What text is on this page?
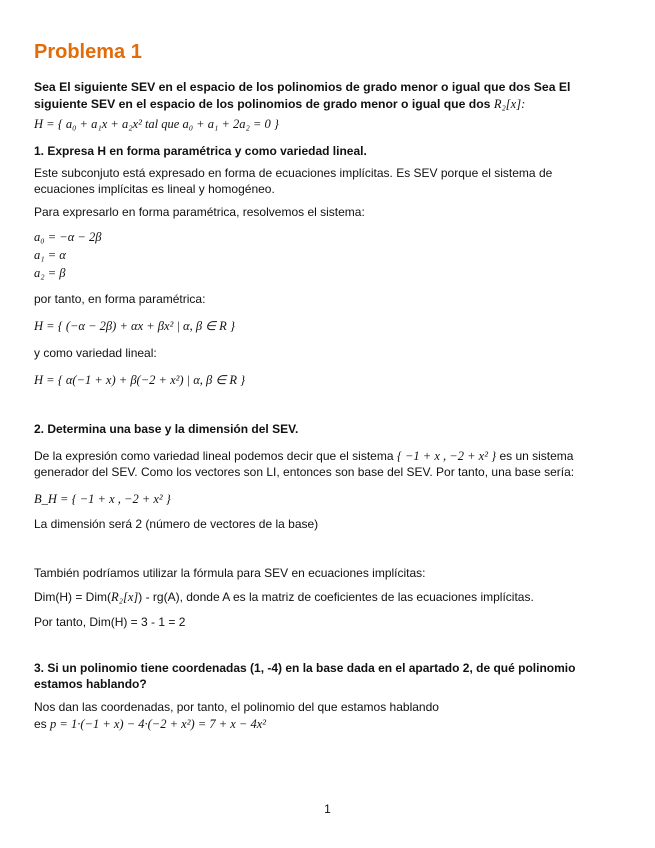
Problema 1
Sea El siguiente SEV en el espacio de los polinomios de grado menor o igual que dos Sea El siguiente SEV en el espacio de los polinomios de grado menor o igual que dos R₂[x]:
H = { a₀ + a₁x + a₂x² tal que a₀ + a₁ + 2a₂ = 0 }
1. Expresa H en forma paramétrica y como variedad lineal.
Este subconjuto está expresado en forma de ecuaciones implícitas. Es SEV porque el sistema de ecuaciones implícitas es lineal y homogéneo.
Para expresarlo en forma paramétrica, resolvemos el sistema:
a₀ = −α − 2β
a₁ = α
a₂ = β
por tanto, en forma paramétrica:
H = { (−α − 2β) + αx + βx² | α, β ∈ R }
y como variedad lineal:
H = { α(−1 + x) + β(−2 + x²) | α, β ∈ R }
2. Determina una base y la dimensión del SEV.
De la expresión como variedad lineal podemos decir que el sistema { −1 + x , −2 + x² } es un sistema generador del SEV. Como los vectores son LI, entonces son base del SEV. Por tanto, una base sería:
B_H = { −1 + x , −2 + x² }
La dimensión será 2 (número de vectores de la base)
También podríamos utilizar la fórmula para SEV en ecuaciones implícitas:
Dim(H) = Dim(R₂[x]) - rg(A), donde A es la matriz de coeficientes de las ecuaciones implícitas.
Por tanto, Dim(H) = 3 - 1 = 2
3. Si un polinomio tiene coordenadas (1, -4) en la base dada en el apartado 2, de qué polinomio estamos hablando?
Nos dan las coordenadas, por tanto, el polinomio del que estamos hablando
es p = 1·(−1 + x) − 4·(−2 + x²) = 7 + x − 4x²
1
